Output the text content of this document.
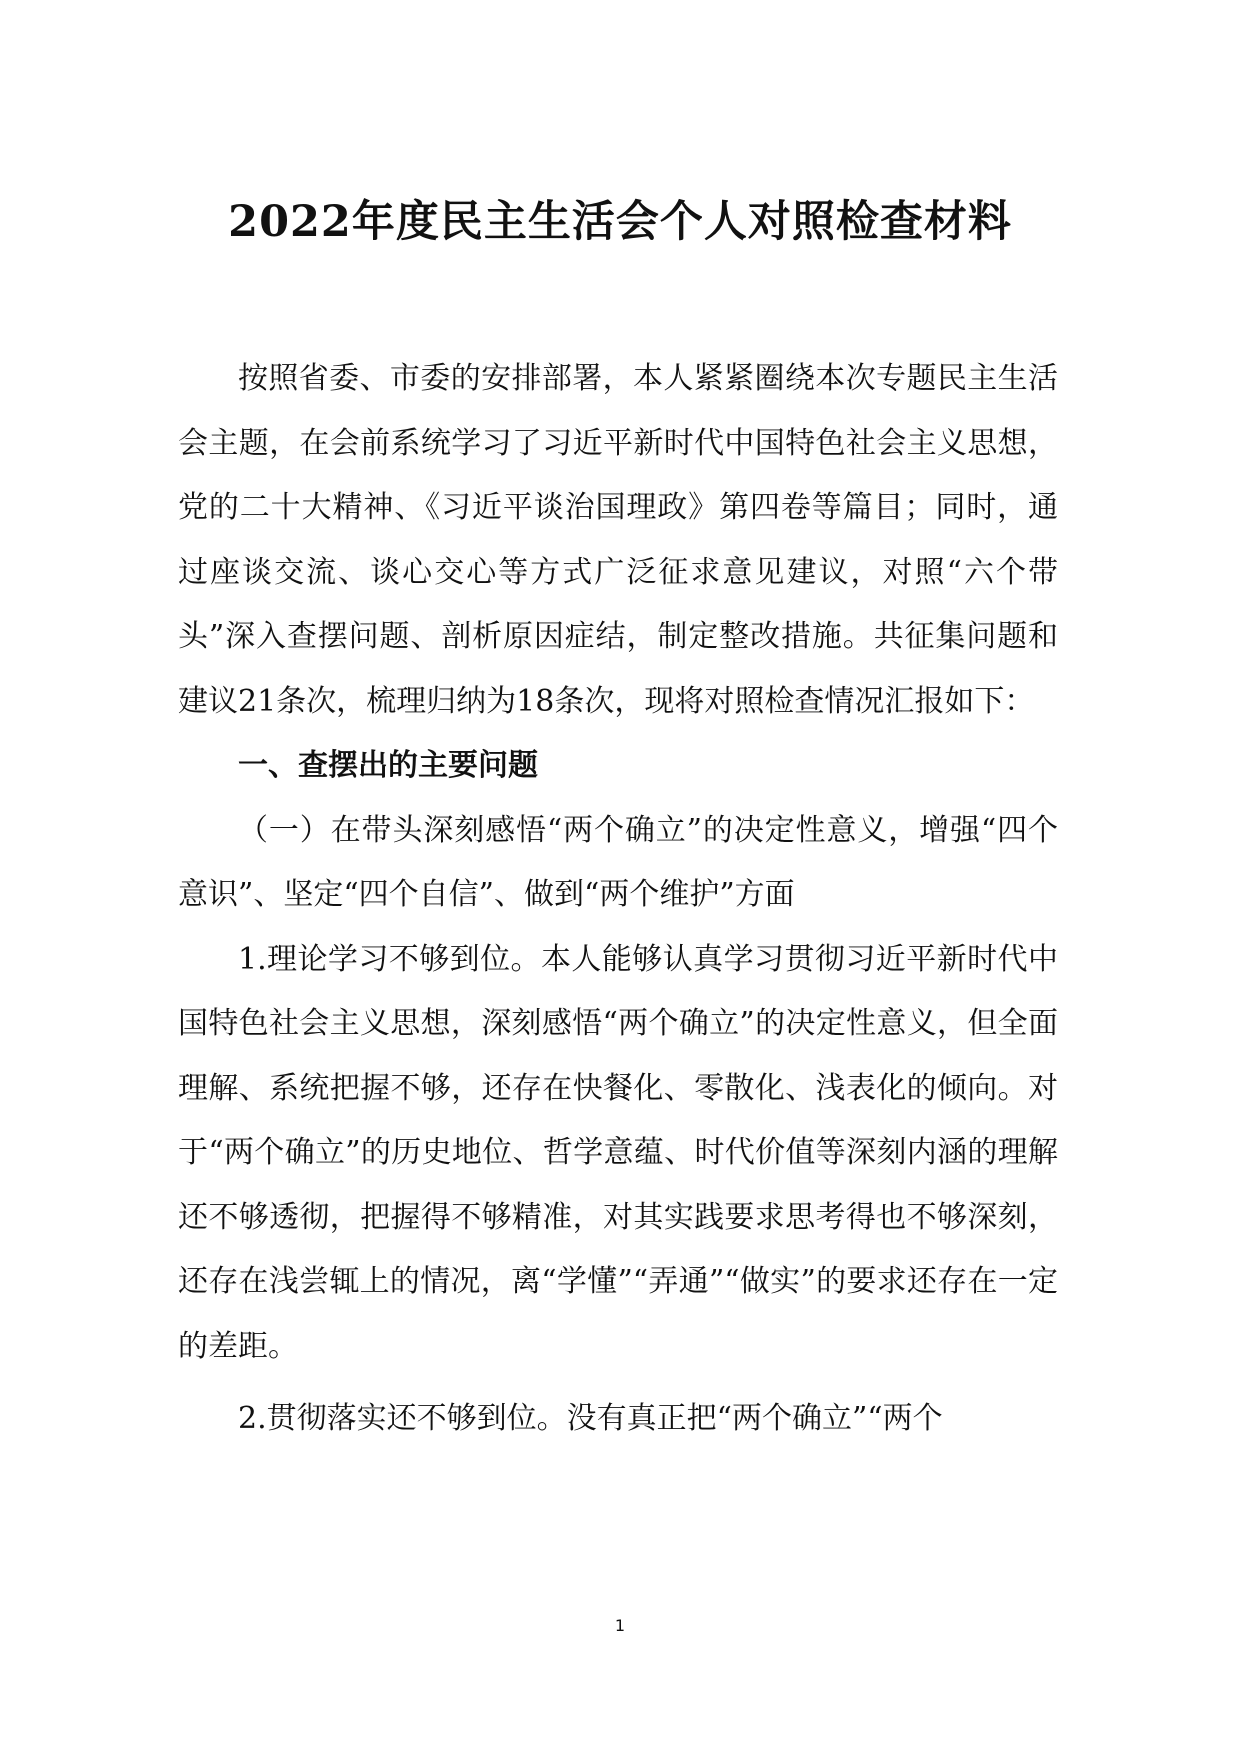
2022年度民主生活会个人对照检查材料

按照省委、市委的安排部署，本人紧紧圈绕本次专题民主生活会主题，在会前系统学习了习近平新时代中国特色社会主义思想，党的二十大精神、《习近平谈治国理政》第四卷等篇目；同时，通过座谈交流、谈心交心等方式广泛征求意见建议，对照“六个带头”深入查摆问题、剖析原因症结，制定整改措施。共征集问题和建议21条次，梳理归纳为18条次，现将对照检查情况汇报如下：

一、查摆出的主要问题

（一）在带头深刻感悟“两个确立”的决定性意义，增强“四个意识”、坚定“四个自信”、做到“两个维护”方面

1.理论学习不够到位。本人能够认真学习贯彻习近平新时代中国特色社会主义思想，深刻感悟“两个确立”的决定性意义，但全面理解、系统把握不够，还存在快餐化、零散化、浅表化的倾向。对于“两个确立”的历史地位、哲学意蕴、时代价值等深刻内涵的理解还不够透彻，把握得不够精准，对其实践要求思考得也不够深刻，还存在浅尝辄上的情况，离“学懂”“弄通”“做实”的要求还存在一定的差距。

2.贯彻落实还不够到位。没有真正把“两个确立”“两个

1
